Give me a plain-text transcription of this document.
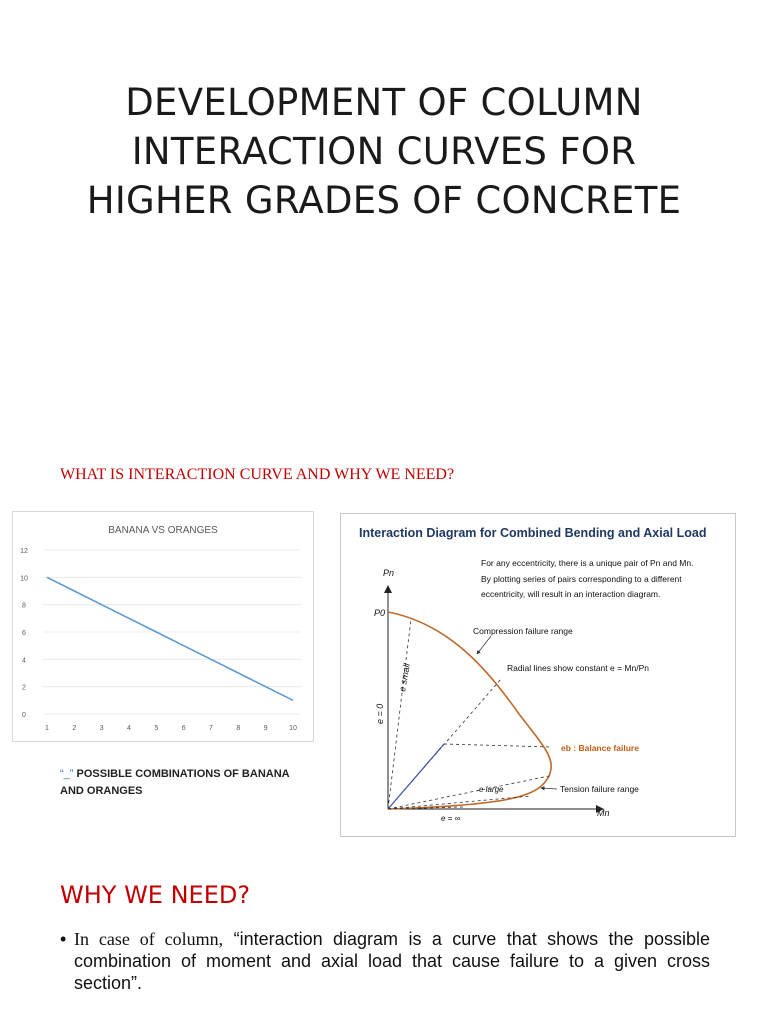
DEVELOPMENT OF COLUMN INTERACTION CURVES FOR HIGHER GRADES OF CONCRETE
WHAT IS INTERACTION CURVE AND WHY WE NEED?
BANANA VS ORANGES
0
2
4
6
8
10
12
1	2	3	4	5	6	7	8	9	10
“_” POSSIBLE COMBINATIONS OF BANANA AND ORANGES
Interaction Diagram for Combined Bending and Axial Load
For any eccentricity, there is a unique pair of Pn and Mn.
By plotting series of pairs corresponding to a different
eccentricity, will result in an interaction diagram.
Pn
Mn
P0
e = 0
e small
e large
e = ∞
Compression failure range
Radial lines show constant e = Mn/Pn
eb : Balance failure
Tension failure range
WHY WE NEED?
• In case of column, “interaction diagram is a curve that shows the possible combination of moment and axial load that cause failure to a given cross section”.
